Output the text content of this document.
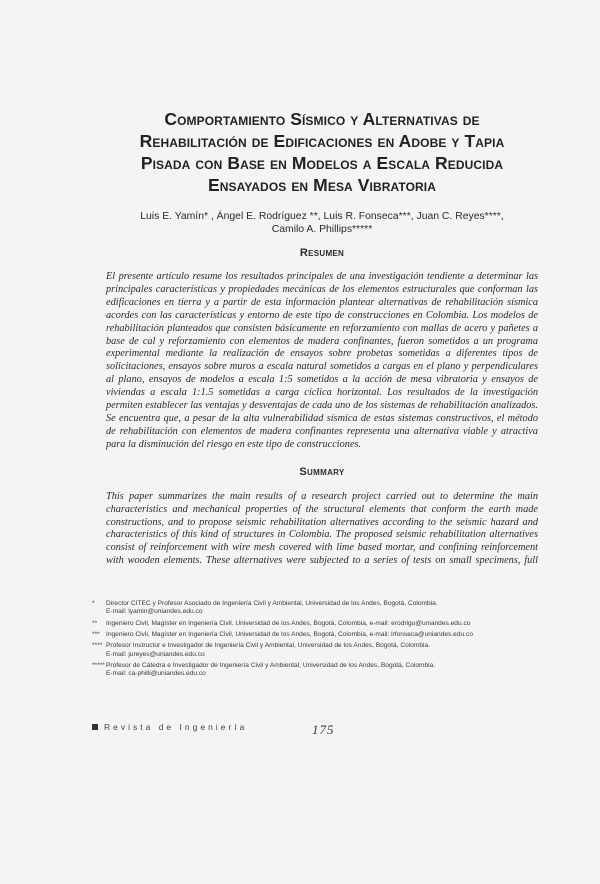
Comportamiento Sísmico y Alternativas de
Rehabilitación de Edificaciones en Adobe y Tapia
Pisada con Base en Modelos a Escala Reducida
Ensayados en Mesa Vibratoria
Luis E. Yamín* , Ángel E. Rodríguez **, Luis R. Fonseca***, Juan C. Reyes****,
Camilo A. Phillips*****
Resumen
El presente artículo resume los resultados principales de una investigación tendiente a determinar las principales características y propiedades mecánicas de los elementos estructurales que conforman las edificaciones en tierra y a partir de esta información plantear alternativas de rehabilitación sísmica acordes con las características y entorno de este tipo de construcciones en Colombia. Los modelos de rehabilitación planteados que consisten básicamente en reforzamiento con mallas de acero y pañetes a base de cal y reforzamiento con elementos de madera confinantes, fueron sometidos a un programa experimental mediante la realización de ensayos sobre probetas sometidas a diferentes tipos de solicitaciones, ensayos sobre muros a escala natural sometidos a cargas en el plano y perpendiculares al plano, ensayos de modelos a escala 1:5 sometidos a la acción de mesa vibratoria y ensayos de viviendas a escala 1:1.5 sometidas a carga cíclica horizontal. Los resultados de la investigación permiten establecer las ventajas y desventajas de cada uno de los sistemas de rehabilitación analizados. Se encuentra que, a pesar de la alta vulnerabilidad sísmica de estas sistemas constructivos, el método de rehabilitación con elementos de madera confinantes representa una alternativa viable y atractiva para la disminución del riesgo en este tipo de construcciones.
Summary
This paper summarizes the main results of a research project carried out to determine the main characteristics and mechanical properties of the structural elements that conform the earth made constructions, and to propose seismic rehabilitation alternatives according to the seismic hazard and characteristics of this kind of structures in Colombia. The proposed seismic rehabilitation alternatives consist of reinforcement with wire mesh covered with lime based mortar, and confining reinforcement with wooden elements. These alternatives were subjected to a series of tests on small specimens, full
*	Director CITEC y Profesor Asociado de Ingeniería Civil y Ambiental, Universidad de los Andes, Bogotá, Colombia.
E-mail: lyamin@uniandes.edu.co
**	Ingeniero Civil, Magíster en Ingeniería Civil. Universidad de los Andes, Bogotá, Colombia, e-mail: erodrigu@uniandes.edu.co
*** Ingeniero Civil, Magíster en Ingeniería Civil, Universidad de los Andes, Bogotá, Colombia, e-mail: lrfonseca@uniandes.edu.co
**** Profesor Instructor e Investigador de Ingeniería Civil y Ambiental, Universidad de los Andes, Bogotá, Colombia.
E-mail: jureyes@uniandes.edu.co
***** Profesor de Cátedra e Investigador de Ingeniería Civil y Ambiental, Universidad de los Andes, Bogotá, Colombia.
E-mail: ca-philli@uniandes.edu.co
Revista de Ingeniería	175
